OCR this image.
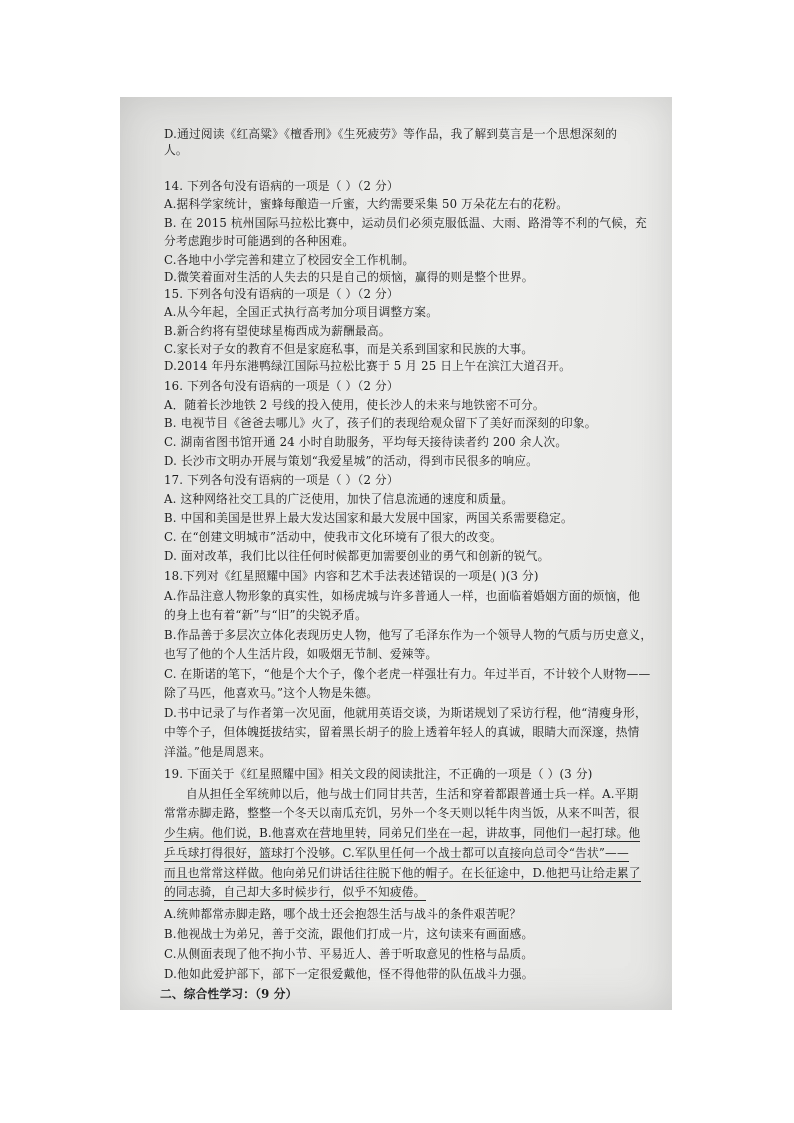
D.通过阅读《红高粱》《檀香刑》《生死疲劳》等作品，我了解到莫言是一个思想深刻的

人。

14. 下列各句没有语病的一项是（ ）（2 分）

A.据科学家统计，蜜蜂每酿造一斤蜜，大约需要采集 50 万朵花左右的花粉。

B. 在 2015 杭州国际马拉松比赛中，运动员们必须克服低温、大雨、路滑等不利的气候，充

分考虑跑步时可能遇到的各种困难。

C.各地中小学完善和建立了校园安全工作机制。

D.微笑着面对生活的人失去的只是自己的烦恼，赢得的则是整个世界。

15. 下列各句没有语病的一项是（ ）（2 分）

A.从今年起，全国正式执行高考加分项目调整方案。

B.新合约将有望使球星梅西成为薪酬最高。

C.家长对子女的教育不但是家庭私事，而是关系到国家和民族的大事。

D.2014 年丹东港鸭绿江国际马拉松比赛于 5 月 25 日上午在滨江大道召开。

16. 下列各句没有语病的一项是（ ）（2 分）

A．随着长沙地铁 2 号线的投入使用，使长沙人的未来与地铁密不可分。

B. 电视节目《爸爸去哪儿》火了，孩子们的表现给观众留下了美好而深刻的印象。

C. 湖南省图书馆开通 24 小时自助服务，平均每天接待读者约 200 余人次。

D. 长沙市文明办开展与策划“我爱星城”的活动，得到市民很多的响应。

17. 下列各句没有语病的一项是（ ）（2 分）

A. 这种网络社交工具的广泛使用，加快了信息流通的速度和质量。

B. 中国和美国是世界上最大发达国家和最大发展中国家，两国关系需要稳定。

C. 在“创建文明城市”活动中，使我市文化环境有了很大的改变。

D. 面对改革，我们比以往任何时候都更加需要创业的勇气和创新的锐气。

18.下列对《红星照耀中国》内容和艺术手法表述错误的一项是( )(3 分)

A.作品注意人物形象的真实性，如杨虎城与许多普通人一样，也面临着婚姻方面的烦恼，他

的身上也有着“新”与“旧”的尖锐矛盾。

B.作品善于多层次立体化表现历史人物，他写了毛泽东作为一个领导人物的气质与历史意义，

也写了他的个人生活片段，如吸烟无节制、爱辣等。

C. 在斯诺的笔下，“他是个大个子，像个老虎一样强壮有力。年过半百，不计较个人财物——

除了马匹，他喜欢马。”这个人物是朱德。

D.书中记录了与作者第一次见面，他就用英语交谈，为斯诺规划了采访行程，他“清瘦身形，

中等个子，但体魄挺拔结实，留着黑长胡子的脸上透着年轻人的真诚，眼睛大而深邃，热情

洋溢。”他是周恩来。

19. 下面关于《红星照耀中国》相关文段的阅读批注，不正确的一项是（ ）(3 分)

自从担任全军统帅以后，他与战士们同甘共苦，生活和穿着都跟普通士兵一样。A.平期

常常赤脚走路，整整一个冬天以南瓜充饥，另外一个冬天则以牦牛肉当饭，从来不叫苦，很

少生病。他们说，B.他喜欢在营地里转，同弟兄们坐在一起，讲故事，同他们一起打球。他

乒乓球打得很好，篮球打个没够。C.军队里任何一个战士都可以直接向总司令“告状”——

而且也常常这样做。他向弟兄们讲话往往脱下他的帽子。在长征途中，D.他把马让给走累了

的同志骑，自己却大多时候步行，似乎不知疲倦。

A.统帅都常赤脚走路，哪个战士还会抱怨生活与战斗的条件艰苦呢？

B.他视战士为弟兄，善于交流，跟他们打成一片，这句读来有画面感。

C.从侧面表现了他不拘小节、平易近人、善于听取意见的性格与品质。

D.他如此爱护部下，部下一定很爱戴他，怪不得他带的队伍战斗力强。

二、综合性学习：（9 分）
